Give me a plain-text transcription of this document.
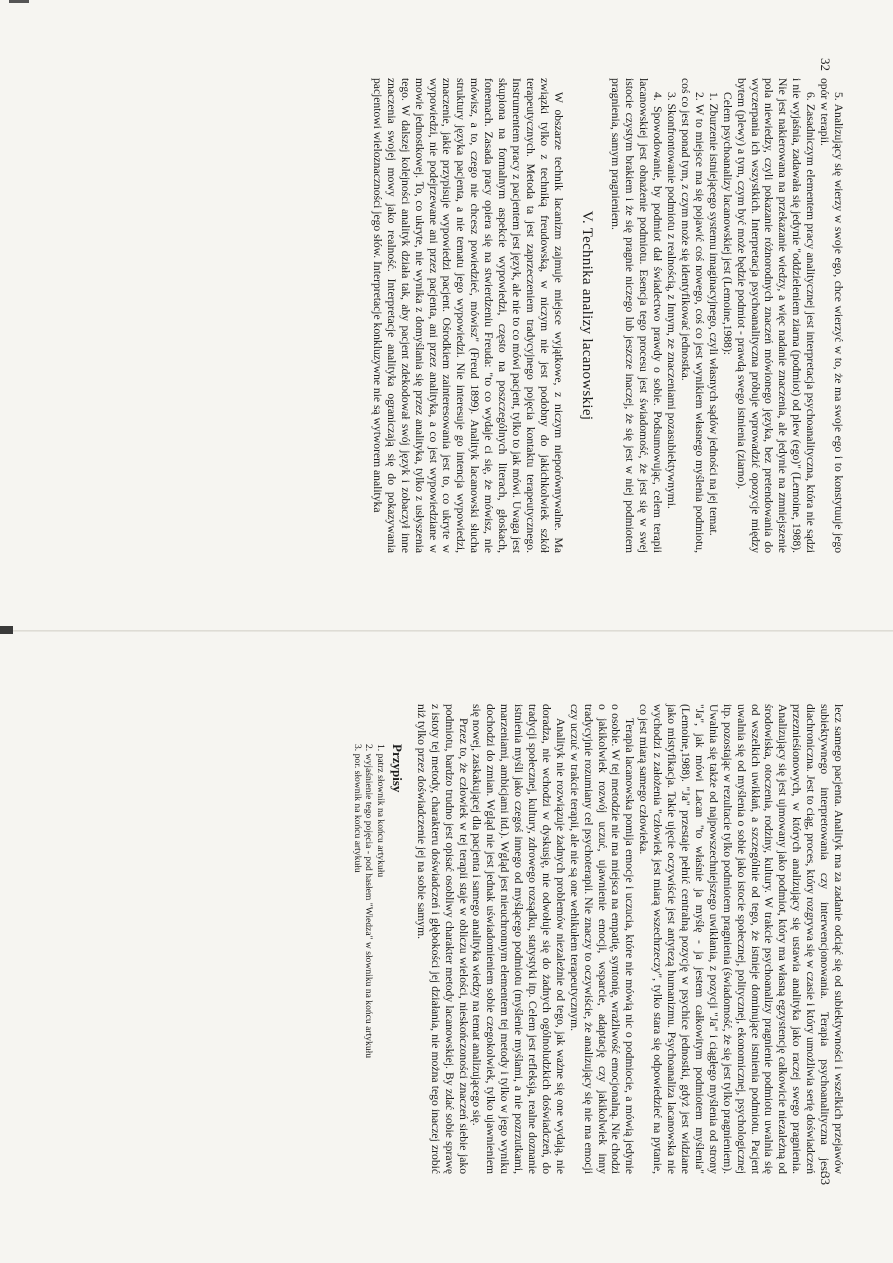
32

5. Analizujący się wierzy w swoje ego, chce wierzyć w to, że ma swoje ego i to konstytuuje jego opór w terapii.

6. Zasadniczym elementem pracy analitycznej jest interpretacja psychoanalityczna, która nie sądzi i nie wyjaśnia, zadawała się jedynie "oddzieleniem ziarna (podmiot) od plew (ego)" (Lemoine, 1988). Nie jest nakierowana na przekazanie wiedzy, a więc nadanie znaczenia, ale jedynie na zmniejszenie pola niewiedzy, czyli pokazanie różnorodnych znaczeń mówionego języka, bez pretendowania do wyczerpania ich wszystkich. Interpretacja psychoanalityczna próbuje wprowadzić opozycje między bytem (plewy) a tym, czym być może będzie podmiot - prawdą swego istnienia (ziarno).

Celem psychoanalizy lacanowskiej jest (Lemoine,1988):

1. Zburzenie istniejącego systemu imaginacyjnego, czyli własnych sądów jedności na jej temat.

2. W to miejsce ma się pojawić coś nowego, coś co jest wynikiem własnego myślenia podmiotu, coś co jest ponad tym, z czym może się identyfikować jednostka.

3. Skonfrontowanie podmiotu z realnością, z Innym, ze znaczeniami pozasubiektywnymi.

4. Spowodowanie, by podmiot dał świadectwo prawdy o sobie. Podsumowując, celem terapii lacanowskiej jest obnażenie podmiotu. Esencja tego procesu jest świadomość, że jest się w swej istocie czystym brakiem i że się pragnie niczego lub jeszcze inaczej, że się jest w niej podmiotem pragnienia, samym pragnieniem.

V. Technika analizy lacanowskiej

W obszarze technik lacanizm zajmuje miejsce wyjątkowe, z niczym nieporównywalne. Ma związki tylko z techniką freudowską, w niczym nie jest podobny do jakichkolwiek szkół terapeutycznych. Metoda ta jest zaprzeczeniem tradycyjnego pojęcia kontaktu terapeutycznego. Instrumentem pracy z pacjentem jest język, ale nie to co mówi pacjent, tylko to jak mówi. Uwaga jest skupiona na formalnym aspekcie wypowiedzi, często na poszczególnych literach, głoskach, fonemach. Zasada pracy opiera się na stwierdzeniu Freuda: "to co wydaje ci się, że mówisz, nie mówisz, a to, czego nie chcesz powiedzieć, mówisz" (Freud 1899). Analityk lacanowski słucha struktury języka pacjenta, a nie tematu jego wypowiedzi. Nie interesuje go intencja wypowiedzi, znaczenie, jakie przypisuje wypowiedzi pacjent. Ośrodkiem zainteresowania jest to, co ukryte w wypowiedzi, nie podejrzewane ani przez pacjenta, ani przez analityka, a co jest wypowiedziane w mowie jednostkowej. To, co ukryte, nie wynika z domyślania się przez analityka, tylko z usłyszenia tego. W dalszej kolejności analityk działa tak, aby pacjent zdekodował swój język i zobaczył inne znaczenia swojej mowy jako realność. Interpretacje analityka ograniczają się do pokazywania pacjentowi wieloznaczności jego słów. Interpretacje konkluzywne nie są wytworem analityka

33

lecz samego pacjenta. Analityk ma za zadanie odciąć się od subiektywności i wszelkich przejawów subiektywnego interpretowania czy interwencjonowania. Terapia psychoanalityczna jest diachroniczna. Jest to ciąg, proces, który rozgrywa się w czasie i który umożliwia serię doświadczeń przeznieśionowych, w których analizujący się ustawia analityka jako raczej swego pragnienia. Analizujący się jest ujmowany jako podmiot, który ma własną egzystencję całkowicie niezależną od środowiska, otoczenia, rodziny, kultury. W trakcie psychoanalizy pragnienie podmiotu uwalnia się od wszelkich uwikłań, a szczególnie od tego, że istnieje dominujące istnienia podmiotu. Pacjent uwalnia się od myślenia o sobie jako istocie społecznej, politycznej, ekonomicznej, psychologicznej itp. pozostając w rezultacie tylko podmiotem pragnienia (świadomość, że się jest tylko pragnieniem). Uwalnia się także od najpowszechniejszego uwikłania, z pozycji "Ja" i ciągłego myślenia od strony "Ja", jak mówi Lacan "to właśnie ja myślę - ja jestem całkowitym podmiotem myślenia" (Lemoine,1988). "Ja" przestaje pełnić centralną pozycję w psychice jednostki, gdyż jest widziane jako mistyfikacja. Takie ujęcie oczywiście jest antytezą humanizmu. Psychoanaliza lacanowska nie wychodzi z założenia "człowiek jest miarą wszechrzeczy", tylko stara się odpowiedzieć na pytanie, co jest miarą samego człowieka.

Terapia lacanowska pomija emocje i uczucia, które nie mówią nic o podmiocie, a mówią jedynie o osobie. W tej metodzie nie ma miejsca na empatię, syntonię, wrażliwość emocjonalną. Nie chodzi o jakikolwiek rozwój uczuć, ujawnienie emocji, wsparcie, adaptację czy jakikolwiek inny tradycyjnie rozumiany cel psychoterapii. Nie znaczy to oczywiście, że analizujący się nie ma emocji czy uczuć w trakcie terapii, ale nie są one wehikułem terapeutycznym.

Analityk nie rozwiązuje żadnych problemów niezależnie od tego, jak ważne się one wydają, nie doradza, nie wchodzi w dyskusję, nie odwołuje się do żadnych ogólnoludzkich doświadczeń, do tradycji społecznej, kultury, zdrowego rozsądku, statystyki itp. Celem jest refleksja, realne doznanie istnienia myśli jako czegoś innego od myślącego podmiotu (myślenie myślami, a nie pozrzutkami, marzeniami, ambicjami itd.). Wgląd jest nieuchronnym elementem tej metody i tylko w jego wyniku dochodzi do zmian. Wgląd nie jest jednak uświadomieniem sobie czegokolwiek, tylko ujawnieniem się nowej, zaskakującej dla pacjenta i samego analityka wiedzy na temat analizującego się.

Przez to, że człowiek w tej terapii staje w obliczu wielości, nieskończoności znaczeń siebie jako podmiotu, bardzo trudno jest opisać osobliwy charakter metody lacanowskiej. By zdać sobie sprawę z istoty tej metody, charakteru doświadczeń i głębokości jej działania, nie można tego inaczej zrobić niż tylko przez doświadczenie jej na sobie samym.

Przypisy
1. patrz słownik na końcu artykułu
2. wyjaśnienie tego pojęcia - pod hasłem "Wiedza" w słowniku na końcu artykułu
3. por. słownik na końcu artykułu
